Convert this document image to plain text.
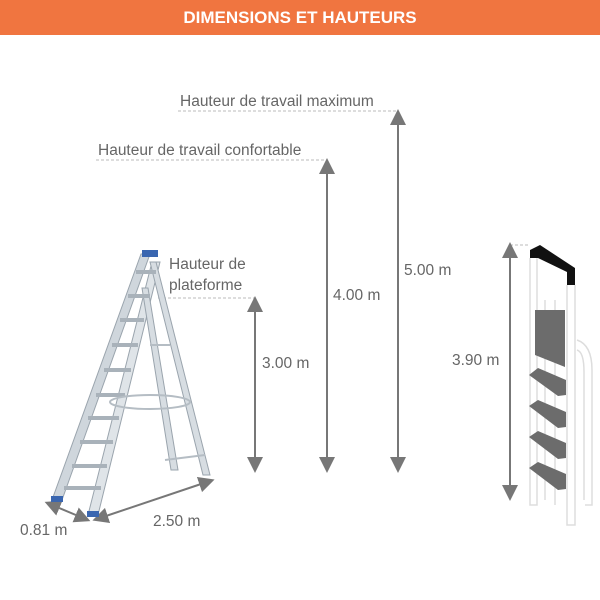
DIMENSIONS ET HAUTEURS
Hauteur de travail maximum
Hauteur de travail confortable
Hauteur de
plateforme
5.00 m
4.00 m
3.00 m	3.90 m
0.81 m
2.50 m
